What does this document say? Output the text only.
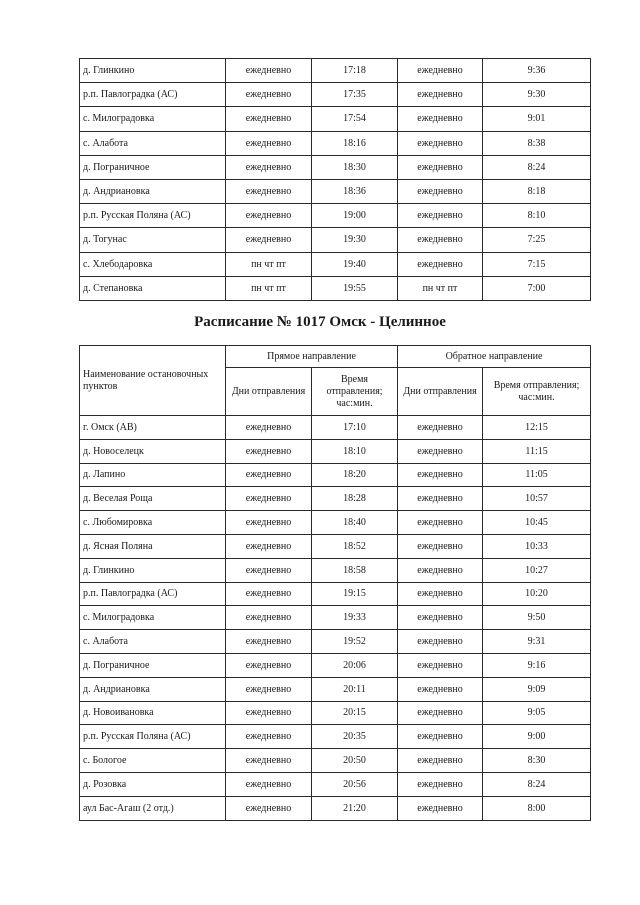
д. Глинкино	ежедневно	17:18	ежедневно	9:36
р.п. Павлоградка (АС)	ежедневно	17:35	ежедневно	9:30
с. Милоградовка	ежедневно	17:54	ежедневно	9:01
с. Алабота	ежедневно	18:16	ежедневно	8:38
д. Пограничное	ежедневно	18:30	ежедневно	8:24
д. Андриановка	ежедневно	18:36	ежедневно	8:18
р.п. Русская Поляна (АС)	ежедневно	19:00	ежедневно	8:10
д. Тогунас	ежедневно	19:30	ежедневно	7:25
с. Хлебодаровка	пн чт пт	19:40	ежедневно	7:15
д. Степановка	пн чт пт	19:55	пн чт пт	7:00
Расписание № 1017 Омск - Целинное
Наименование остановочных пунктов	Прямое направление		Обратное направление	
	Дни отправления	Время отправления; час:мин.	Дни отправления	Время отправления; час:мин.
г. Омск (АВ)	ежедневно	17:10	ежедневно	12:15
д. Новоселецк	ежедневно	18:10	ежедневно	11:15
д. Лапино	ежедневно	18:20	ежедневно	11:05
д. Веселая Роща	ежедневно	18:28	ежедневно	10:57
с. Любомировка	ежедневно	18:40	ежедневно	10:45
д. Ясная Поляна	ежедневно	18:52	ежедневно	10:33
д. Глинкино	ежедневно	18:58	ежедневно	10:27
р.п. Павлоградка (АС)	ежедневно	19:15	ежедневно	10:20
с. Милоградовка	ежедневно	19:33	ежедневно	9:50
с. Алабота	ежедневно	19:52	ежедневно	9:31
д. Пограничное	ежедневно	20:06	ежедневно	9:16
д. Андриановка	ежедневно	20:11	ежедневно	9:09
д. Новоивановка	ежедневно	20:15	ежедневно	9:05
р.п. Русская Поляна (АС)	ежедневно	20:35	ежедневно	9:00
с. Бологое	ежедневно	20:50	ежедневно	8:30
д. Розовка	ежедневно	20:56	ежедневно	8:24
аул Бас-Агаш (2 отд.)	ежедневно	21:20	ежедневно	8:00
